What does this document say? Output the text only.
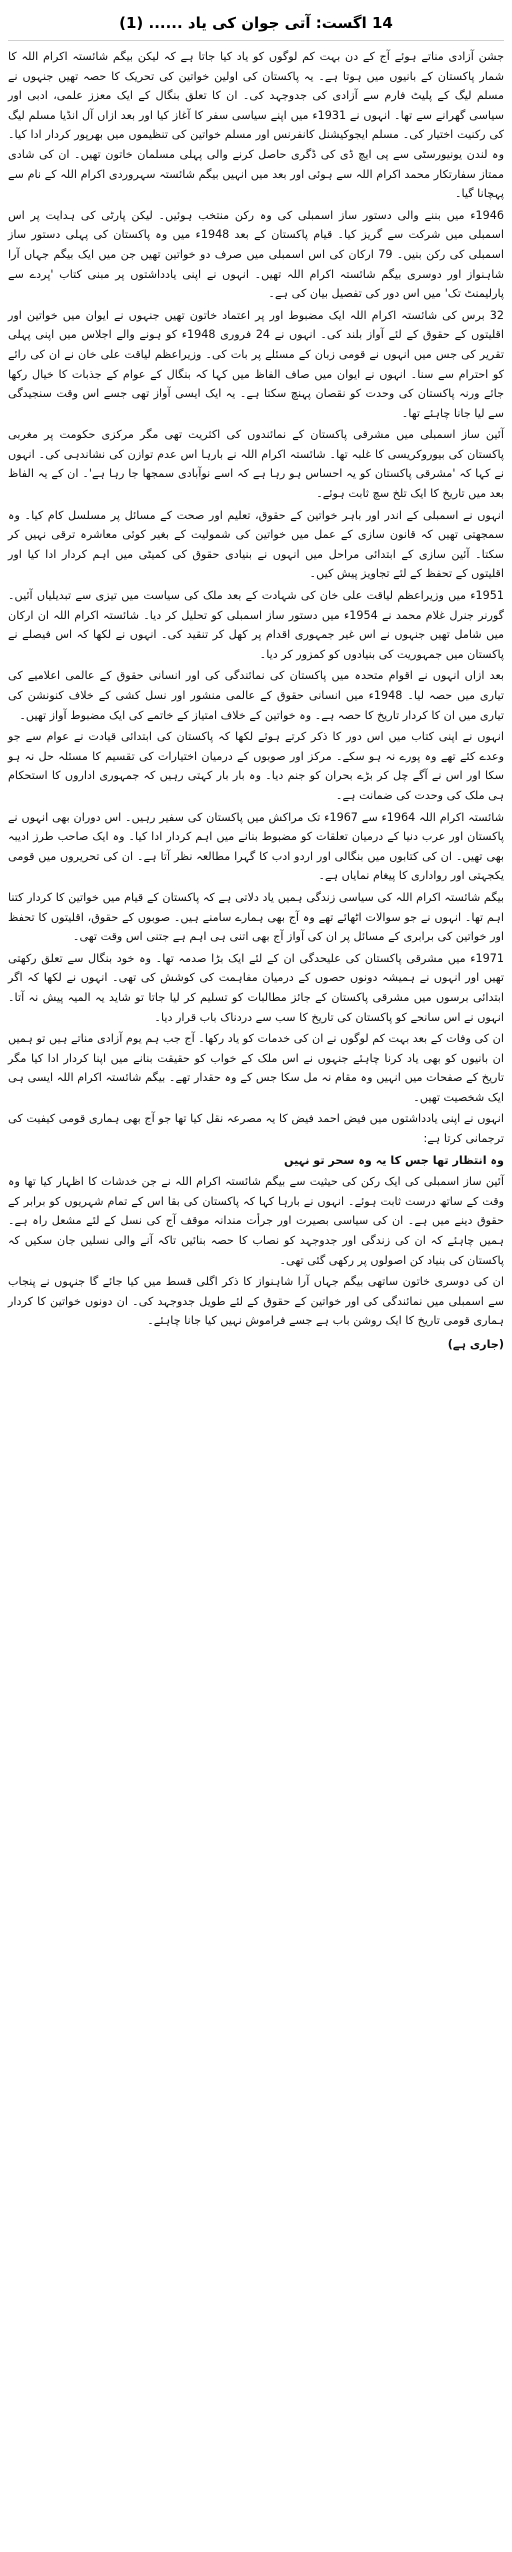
14 اگست: آتی جوان کی یاد ...... (1)

جشن آزادی مناتے ہوئے آج کے دن بہت کم لوگوں کو یاد کیا جاتا ہے کہ لیکن بیگم شائستہ اکرام اللہ کا شمار پاکستان کے بانیوں میں ہوتا ہے۔ یہ پاکستان کی اولین خواتین کی تحریک کا حصہ تھیں جنہوں نے مسلم لیگ کے پلیٹ فارم سے آزادی کی جدوجہد کی۔ ان کا تعلق بنگال کے ایک معزز علمی، ادبی اور سیاسی گھرانے سے تھا۔ انہوں نے 1931ء میں اپنے سیاسی سفر کا آغاز کیا اور بعد ازاں آل انڈیا مسلم لیگ کی رکنیت اختیار کی۔ مسلم ایجوکیشنل کانفرنس اور مسلم خواتین کی تنظیموں میں بھرپور کردار ادا کیا۔ وہ لندن یونیورسٹی سے پی ایچ ڈی کی ڈگری حاصل کرنے والی پہلی مسلمان خاتون تھیں۔ ان کی شادی ممتاز سفارتکار محمد اکرام اللہ سے ہوئی اور بعد میں انہیں بیگم شائستہ سہروردی اکرام اللہ کے نام سے پہچانا گیا۔

1946ء میں بننے والی دستور ساز اسمبلی کی وہ رکن منتخب ہوئیں۔ لیکن پارٹی کی ہدایت پر اس اسمبلی میں شرکت سے گریز کیا۔ قیام پاکستان کے بعد 1948ء میں وہ پاکستان کی پہلی دستور ساز اسمبلی کی رکن بنیں۔ 79 ارکان کی اس اسمبلی میں صرف دو خواتین تھیں جن میں ایک بیگم جہاں آرا شاہنواز اور دوسری بیگم شائستہ اکرام اللہ تھیں۔ انہوں نے اپنی یادداشتوں پر مبنی کتاب 'پردے سے پارلیمنٹ تک' میں اس دور کی تفصیل بیان کی ہے۔

32 برس کی شائستہ اکرام اللہ ایک مضبوط اور پر اعتماد خاتون تھیں جنہوں نے ایوان میں خواتین اور اقلیتوں کے حقوق کے لئے آواز بلند کی۔ انہوں نے 24 فروری 1948ء کو ہونے والے اجلاس میں اپنی پہلی تقریر کی جس میں انہوں نے قومی زبان کے مسئلے پر بات کی۔ وزیراعظم لیاقت علی خان نے ان کی رائے کو احترام سے سنا۔ انہوں نے ایوان میں صاف الفاظ میں کہا کہ بنگال کے عوام کے جذبات کا خیال رکھا جائے ورنہ پاکستان کی وحدت کو نقصان پہنچ سکتا ہے۔ یہ ایک ایسی آواز تھی جسے اس وقت سنجیدگی سے لیا جانا چاہئے تھا۔

آئین ساز اسمبلی میں مشرقی پاکستان کے نمائندوں کی اکثریت تھی مگر مرکزی حکومت پر مغربی پاکستان کی بیوروکریسی کا غلبہ تھا۔ شائستہ اکرام اللہ نے بارہا اس عدم توازن کی نشاندہی کی۔ انہوں نے کہا کہ 'مشرقی پاکستان کو یہ احساس ہو رہا ہے کہ اسے نوآبادی سمجھا جا رہا ہے'۔ ان کے یہ الفاظ بعد میں تاریخ کا ایک تلخ سچ ثابت ہوئے۔

انہوں نے اسمبلی کے اندر اور باہر خواتین کے حقوق، تعلیم اور صحت کے مسائل پر مسلسل کام کیا۔ وہ سمجھتی تھیں کہ قانون سازی کے عمل میں خواتین کی شمولیت کے بغیر کوئی معاشرہ ترقی نہیں کر سکتا۔ آئین سازی کے ابتدائی مراحل میں انہوں نے بنیادی حقوق کی کمیٹی میں اہم کردار ادا کیا اور اقلیتوں کے تحفظ کے لئے تجاویز پیش کیں۔

1951ء میں وزیراعظم لیاقت علی خان کی شہادت کے بعد ملک کی سیاست میں تیزی سے تبدیلیاں آئیں۔ گورنر جنرل غلام محمد نے 1954ء میں دستور ساز اسمبلی کو تحلیل کر دیا۔ شائستہ اکرام اللہ ان ارکان میں شامل تھیں جنہوں نے اس غیر جمہوری اقدام پر کھل کر تنقید کی۔ انہوں نے لکھا کہ اس فیصلے نے پاکستان میں جمہوریت کی بنیادوں کو کمزور کر دیا۔

بعد ازاں انہوں نے اقوام متحدہ میں پاکستان کی نمائندگی کی اور انسانی حقوق کے عالمی اعلامیے کی تیاری میں حصہ لیا۔ 1948ء میں انسانی حقوق کے عالمی منشور اور نسل کشی کے خلاف کنونشن کی تیاری میں ان کا کردار تاریخ کا حصہ ہے۔ وہ خواتین کے خلاف امتیاز کے خاتمے کی ایک مضبوط آواز تھیں۔

انہوں نے اپنی کتاب میں اس دور کا ذکر کرتے ہوئے لکھا کہ پاکستان کی ابتدائی قیادت نے عوام سے جو وعدے کئے تھے وہ پورے نہ ہو سکے۔ مرکز اور صوبوں کے درمیان اختیارات کی تقسیم کا مسئلہ حل نہ ہو سکا اور اس نے آگے چل کر بڑے بحران کو جنم دیا۔ وہ بار بار کہتی رہیں کہ جمہوری اداروں کا استحکام ہی ملک کی وحدت کی ضمانت ہے۔

شائستہ اکرام اللہ 1964ء سے 1967ء تک مراکش میں پاکستان کی سفیر رہیں۔ اس دوران بھی انہوں نے پاکستان اور عرب دنیا کے درمیان تعلقات کو مضبوط بنانے میں اہم کردار ادا کیا۔ وہ ایک صاحب طرز ادیبہ بھی تھیں۔ ان کی کتابوں میں بنگالی اور اردو ادب کا گہرا مطالعہ نظر آتا ہے۔ ان کی تحریروں میں قومی یکجہتی اور رواداری کا پیغام نمایاں ہے۔

بیگم شائستہ اکرام اللہ کی سیاسی زندگی ہمیں یاد دلاتی ہے کہ پاکستان کے قیام میں خواتین کا کردار کتنا اہم تھا۔ انہوں نے جو سوالات اٹھائے تھے وہ آج بھی ہمارے سامنے ہیں۔ صوبوں کے حقوق، اقلیتوں کا تحفظ اور خواتین کی برابری کے مسائل پر ان کی آواز آج بھی اتنی ہی اہم ہے جتنی اس وقت تھی۔

1971ء میں مشرقی پاکستان کی علیحدگی ان کے لئے ایک بڑا صدمہ تھا۔ وہ خود بنگال سے تعلق رکھتی تھیں اور انہوں نے ہمیشہ دونوں حصوں کے درمیان مفاہمت کی کوشش کی تھی۔ انہوں نے لکھا کہ اگر ابتدائی برسوں میں مشرقی پاکستان کے جائز مطالبات کو تسلیم کر لیا جاتا تو شاید یہ المیہ پیش نہ آتا۔ انہوں نے اس سانحے کو پاکستان کی تاریخ کا سب سے دردناک باب قرار دیا۔

ان کی وفات کے بعد بہت کم لوگوں نے ان کی خدمات کو یاد رکھا۔ آج جب ہم یوم آزادی مناتے ہیں تو ہمیں ان بانیوں کو بھی یاد کرنا چاہئے جنہوں نے اس ملک کے خواب کو حقیقت بنانے میں اپنا کردار ادا کیا مگر تاریخ کے صفحات میں انہیں وہ مقام نہ مل سکا جس کے وہ حقدار تھے۔ بیگم شائستہ اکرام اللہ ایسی ہی ایک شخصیت تھیں۔

انہوں نے اپنی یادداشتوں میں فیض احمد فیض کا یہ مصرعہ نقل کیا تھا جو آج بھی ہماری قومی کیفیت کی ترجمانی کرتا ہے:

وہ انتظار تھا جس کا یہ وہ سحر تو نہیں

آئین ساز اسمبلی کی ایک رکن کی حیثیت سے بیگم شائستہ اکرام اللہ نے جن خدشات کا اظہار کیا تھا وہ وقت کے ساتھ درست ثابت ہوئے۔ انہوں نے بارہا کہا کہ پاکستان کی بقا اس کے تمام شہریوں کو برابر کے حقوق دینے میں ہے۔ ان کی سیاسی بصیرت اور جرأت مندانہ موقف آج کی نسل کے لئے مشعل راہ ہے۔ ہمیں چاہئے کہ ان کی زندگی اور جدوجہد کو نصاب کا حصہ بنائیں تاکہ آنے والی نسلیں جان سکیں کہ پاکستان کی بنیاد کن اصولوں پر رکھی گئی تھی۔

ان کی دوسری خاتون ساتھی بیگم جہاں آرا شاہنواز کا ذکر اگلی قسط میں کیا جائے گا جنہوں نے پنجاب سے اسمبلی میں نمائندگی کی اور خواتین کے حقوق کے لئے طویل جدوجہد کی۔ ان دونوں خواتین کا کردار ہماری قومی تاریخ کا ایک روشن باب ہے جسے فراموش نہیں کیا جانا چاہئے۔

(جاری ہے)
